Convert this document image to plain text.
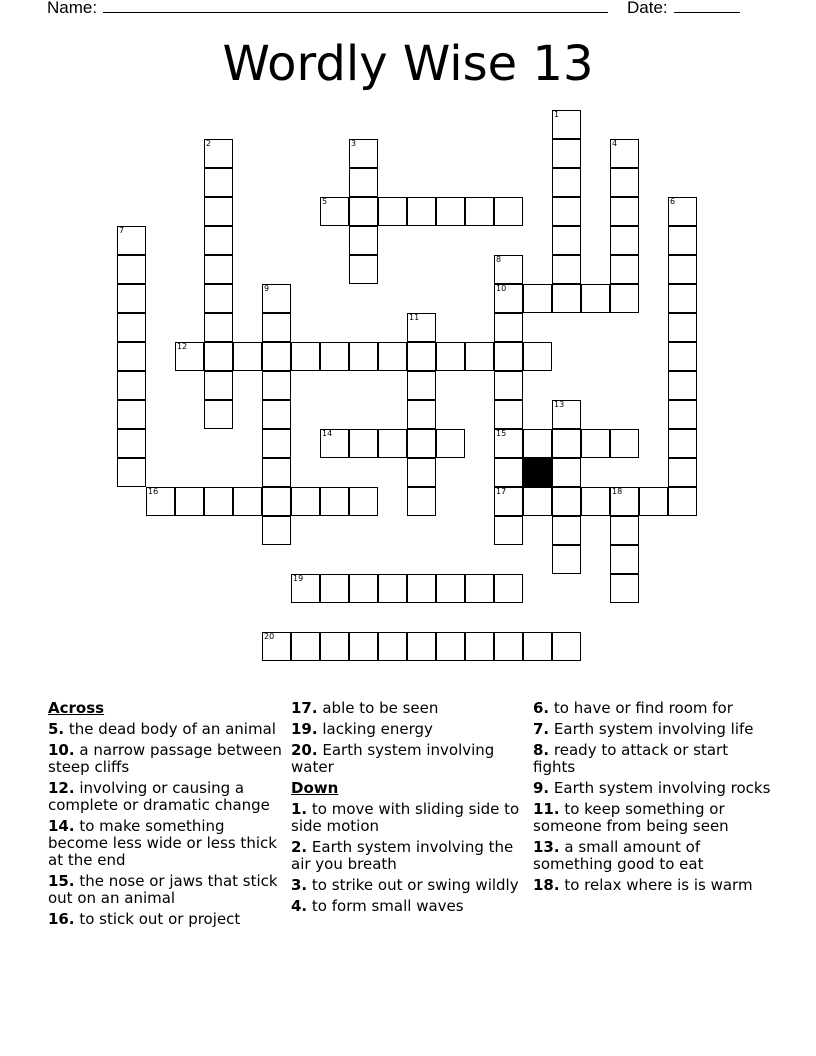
Name:	Date:
Wordly Wise 13
1
2	3	4
5	6
7
8
9	10
11
12
13
14	15
16	17	18
19
20
Across
5. the dead body of an animal
10. a narrow passage between steep cliffs
12. involving or causing a complete or dramatic change
14. to make something become less wide or less thick at the end
15. the nose or jaws that stick out on an animal
16. to stick out or project
17. able to be seen
19. lacking energy
20. Earth system involving water
Down
1. to move with sliding side to side motion
2. Earth system involving the air you breath
3. to strike out or swing wildly
4. to form small waves
6. to have or find room for
7. Earth system involving life
8. ready to attack or start fights
9. Earth system involving rocks
11. to keep something or someone from being seen
13. a small amount of something good to eat
18. to relax where is is warm
